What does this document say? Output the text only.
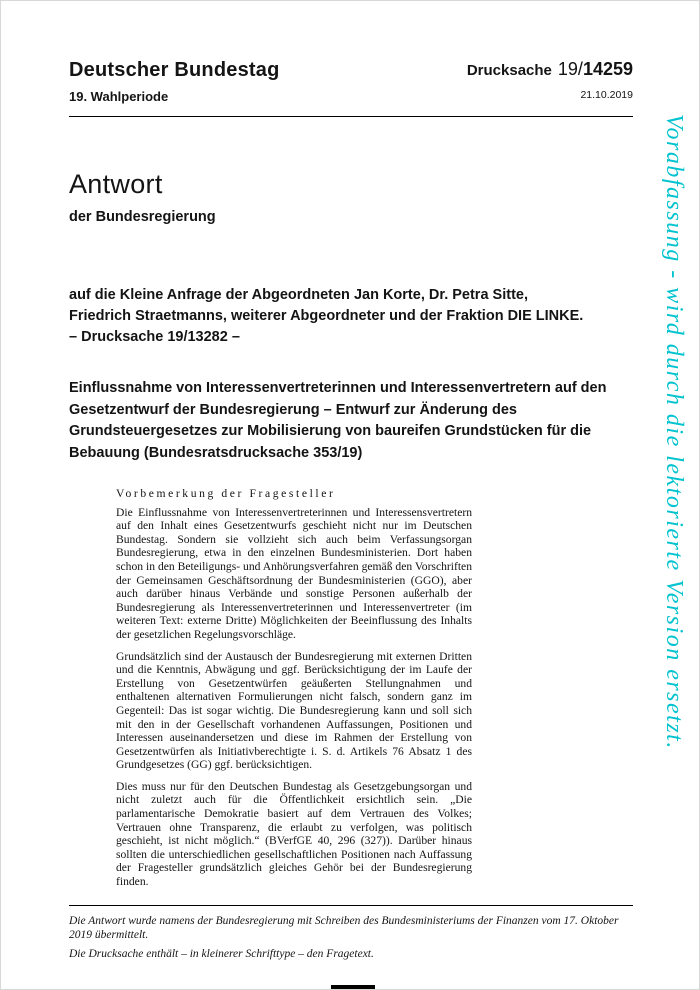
Vorabfassung - wird durch die lektorierte Version ersetzt.
Deutscher Bundestag
19. Wahlperiode
Drucksache 19/14259
21.10.2019
Antwort
der Bundesregierung
auf die Kleine Anfrage der Abgeordneten Jan Korte, Dr. Petra Sitte,
Friedrich Straetmanns, weiterer Abgeordneter und der Fraktion DIE LINKE.
– Drucksache 19/13282 –

Einflussnahme von Interessenvertreterinnen und Interessenvertretern auf den Gesetzentwurf der Bundesregierung – Entwurf zur Änderung des Grundsteuergesetzes zur Mobilisierung von baureifen Grundstücken für die Bebauung (Bundesratsdrucksache 353/19)

Vorbemerkung der Fragesteller

Die Einflussnahme von Interessenvertreterinnen und Interessensvertretern auf den Inhalt eines Gesetzentwurfs geschieht nicht nur im Deutschen Bundestag. Sondern sie vollzieht sich auch beim Verfassungsorgan Bundesregierung, etwa in den einzelnen Bundesministerien. Dort haben schon in den Beteiligungs- und Anhörungsverfahren gemäß den Vorschriften der Gemeinsamen Geschäftsordnung der Bundesministerien (GGO), aber auch darüber hinaus Verbände und sonstige Personen außerhalb der Bundesregierung als Interessenvertreterinnen und Interessenvertreter (im weiteren Text: externe Dritte) Möglichkeiten der Beeinflussung des Inhalts der gesetzlichen Regelungsvorschläge.

Grundsätzlich sind der Austausch der Bundesregierung mit externen Dritten und die Kenntnis, Abwägung und ggf. Berücksichtigung der im Laufe der Erstellung von Gesetzentwürfen geäußerten Stellungnahmen und enthaltenen alternativen Formulierungen nicht falsch, sondern ganz im Gegenteil: Das ist sogar wichtig. Die Bundesregierung kann und soll sich mit den in der Gesellschaft vorhandenen Auffassungen, Positionen und Interessen auseinandersetzen und diese im Rahmen der Erstellung von Gesetzentwürfen als Initiativberechtigte i. S. d. Artikels 76 Absatz 1 des Grundgesetzes (GG) ggf. berücksichtigen.

Dies muss nur für den Deutschen Bundestag als Gesetzgebungsorgan und nicht zuletzt auch für die Öffentlichkeit ersichtlich sein. „Die parlamentarische Demokratie basiert auf dem Vertrauen des Volkes; Vertrauen ohne Transparenz, die erlaubt zu verfolgen, was politisch geschieht, ist nicht möglich.“ (BVerfGE 40, 296 (327)). Darüber hinaus sollten die unterschiedlichen gesellschaftlichen Positionen nach Auffassung der Fragesteller grundsätzlich gleiches Gehör bei der Bundesregierung finden.

Die Antwort wurde namens der Bundesregierung mit Schreiben des Bundesministeriums der Finanzen vom 17. Oktober 2019 übermittelt.

Die Drucksache enthält – in kleinerer Schrifttype – den Fragetext.
